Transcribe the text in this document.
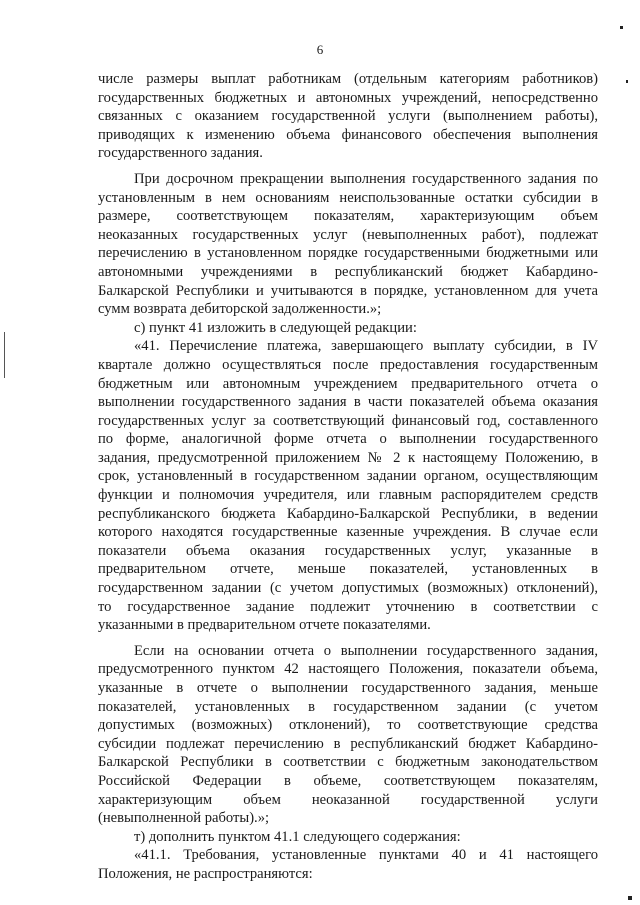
6

числе размеры выплат работникам (отдельным категориям работников)
государственных бюджетных и автономных учреждений, непосредственно
связанных с оказанием государственной услуги (выполнением работы),
приводящих к изменению объема финансового обеспечения выполнения
государственного задания.

При досрочном прекращении выполнения государственного задания по
установленным в нем основаниям неиспользованные остатки субсидии в
размере, соответствующем показателям, характеризующим объем
неоказанных государственных услуг (невыполненных работ), подлежат
перечислению в установленном порядке государственными бюджетными или
автономными учреждениями в республиканский бюджет Кабардино-
Балкарской Республики и учитываются в порядке, установленном для учета
сумм возврата дебиторской задолженности.»;

с) пункт 41 изложить в следующей редакции:

«41. Перечисление платежа, завершающего выплату субсидии, в IV
квартале должно осуществляться после предоставления государственным
бюджетным или автономным учреждением предварительного отчета о
выполнении государственного задания в части показателей объема оказания
государственных услуг за соответствующий финансовый год, составленного
по форме, аналогичной форме отчета о выполнении государственного
задания, предусмотренной приложением № 2 к настоящему Положению, в
срок, установленный в государственном задании органом, осуществляющим
функции и полномочия учредителя, или главным распорядителем средств
республиканского бюджета Кабардино-Балкарской Республики, в ведении
которого находятся государственные казенные учреждения. В случае если
показатели объема оказания государственных услуг, указанные в
предварительном отчете, меньше показателей, установленных в
государственном задании (с учетом допустимых (возможных) отклонений),
то государственное задание подлежит уточнению в соответствии с
указанными в предварительном отчете показателями.

Если на основании отчета о выполнении государственного задания,
предусмотренного пунктом 42 настоящего Положения, показатели объема,
указанные в отчете о выполнении государственного задания, меньше
показателей, установленных в государственном задании (с учетом
допустимых (возможных) отклонений), то соответствующие средства
субсидии подлежат перечислению в республиканский бюджет Кабардино-
Балкарской Республики в соответствии с бюджетным законодательством
Российской Федерации в объеме, соответствующем показателям,
характеризующим объем неоказанной государственной услуги
(невыполненной работы).»;

т) дополнить пунктом 41.1 следующего содержания:

«41.1. Требования, установленные пунктами 40 и 41 настоящего
Положения, не распространяются:
